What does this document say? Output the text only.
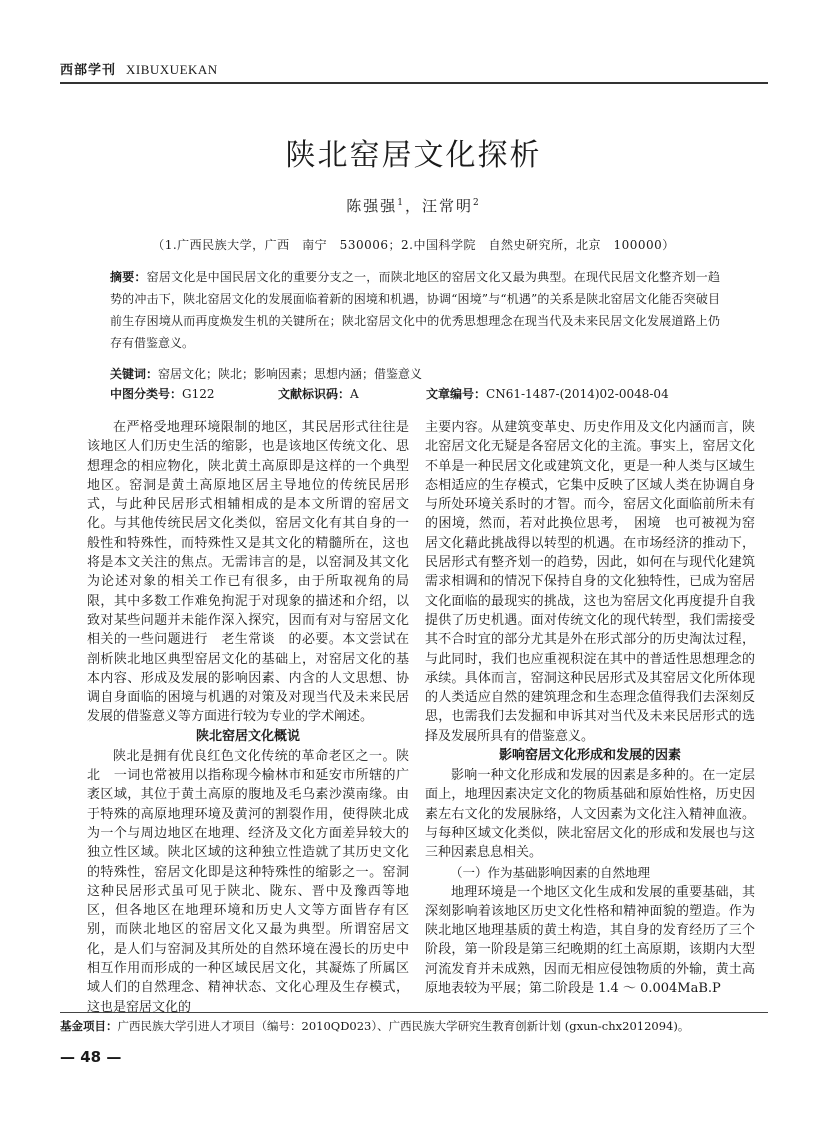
西部学刊 XIBUXUEKAN
陕北窑居文化探析
陈强强$^1$，汪常明$^2$
（1.广西民族大学，广西　南宁　530006；2.中国科学院　自然史研究所，北京　100000）
摘要：窑居文化是中国民居文化的重要分支之一，而陕北地区的窑居文化又最为典型。在现代民居文化整齐划一趋势的冲击下，陕北窑居文化的发展面临着新的困境和机遇，协调“困境”与“机遇”的关系是陕北窑居文化能否突破目前生存困境从而再度焕发生机的关键所在；陕北窑居文化中的优秀思想理念在现当代及未来民居文化发展道路上仍存有借鉴意义。
关键词：窑居文化；陕北；影响因素；思想内涵；借鉴意义
中图分类号：G122	文献标识码：A	文章编号：CN61-1487-(2014)02-0048-04

在严格受地理环境限制的地区，其民居形式往往是该地区人们历史生活的缩影，也是该地区传统文化、思想理念的相应物化，陕北黄土高原即是这样的一个典型地区。窑洞是黄土高原地区居主导地位的传统民居形式，与此种民居形式相辅相成的是本文所谓的窑居文化。与其他传统民居文化类似，窑居文化有其自身的一般性和特殊性，而特殊性又是其文化的精髓所在，这也将是本文关注的焦点。无需讳言的是，以窑洞及其文化为论述对象的相关工作已有很多，由于所取视角的局限，其中多数工作难免拘泥于对现象的描述和介绍，以致对某些问题并未能作深入探究，因而有对与窑居文化相关的一些问题进行　老生常谈　的必要。本文尝试在剖析陕北地区典型窑居文化的基础上，对窑居文化的基本内容、形成及发展的影响因素、内含的人文思想、协调自身面临的困境与机遇的对策及对现当代及未来民居发展的借鉴意义等方面进行较为专业的学术阐述。

陕北窑居文化概说

陕北是拥有优良红色文化传统的革命老区之一。陕北　一词也常被用以指称现今榆林市和延安市所辖的广袤区域，其位于黄土高原的腹地及毛乌素沙漠南缘。由于特殊的高原地理环境及黄河的割裂作用，使得陕北成为一个与周边地区在地理、经济及文化方面差异较大的独立性区域。陕北区域的这种独立性造就了其历史文化的特殊性，窑居文化即是这种特殊性的缩影之一。窑洞这种民居形式虽可见于陕北、陇东、晋中及豫西等地区，但各地区在地理环境和历史人文等方面皆存有区别，而陕北地区的窑居文化又最为典型。所谓窑居文化，是人们与窑洞及其所处的自然环境在漫长的历史中相互作用而形成的一种区域民居文化，其凝炼了所属区域人们的自然理念、精神状态、文化心理及生存模式，这也是窑居文化的

主要内容。从建筑变革史、历史作用及文化内涵而言，陕北窑居文化无疑是各窑居文化的主流。事实上，窑居文化不单是一种民居文化或建筑文化，更是一种人类与区域生态相适应的生存模式，它集中反映了区域人类在协调自身与所处环境关系时的才智。而今，窑居文化面临前所未有的困境，然而，若对此换位思考，　困境　也可被视为窑居文化藉此挑战得以转型的机遇。在市场经济的推动下，民居形式有整齐划一的趋势，因此，如何在与现代化建筑需求相调和的情况下保持自身的文化独特性，已成为窑居文化面临的最现实的挑战，这也为窑居文化再度提升自我提供了历史机遇。面对传统文化的现代转型，我们需接受其不合时宜的部分尤其是外在形式部分的历史淘汰过程，与此同时，我们也应重视积淀在其中的普适性思想理念的承续。具体而言，窑洞这种民居形式及其窑居文化所体现的人类适应自然的建筑理念和生态理念值得我们去深刻反思，也需我们去发掘和申诉其对当代及未来民居形式的选择及发展所具有的借鉴意义。

影响窑居文化形成和发展的因素

影响一种文化形成和发展的因素是多种的。在一定层面上，地理因素决定文化的物质基础和原始性格，历史因素左右文化的发展脉络，人文因素为文化注入精神血液。与每种区域文化类似，陕北窑居文化的形成和发展也与这三种因素息息相关。

（一）作为基础影响因素的自然地理

地理环境是一个地区文化生成和发展的重要基础，其深刻影响着该地区历史文化性格和精神面貌的塑造。作为陕北地区地理基质的黄土构造，其自身的发育经历了三个阶段，第一阶段是第三纪晚期的红土高原期，该期内大型河流发育并未成熟，因而无相应侵蚀物质的外输，黄土高原地表较为平展；第二阶段是 1.4 ～ 0.004MaB.P

基金项目：广西民族大学引进人才项目（编号：2010QD023）、广西民族大学研究生教育创新计划 (gxun-chx2012094)。
— 48 —
